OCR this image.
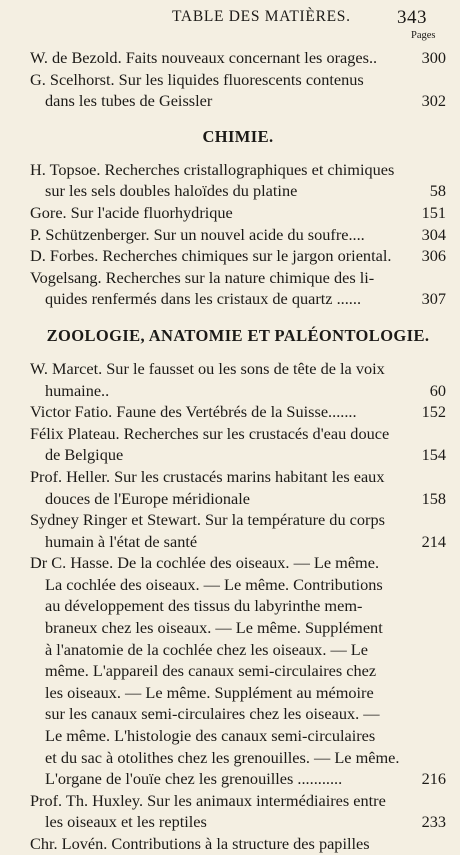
TABLE DES MATIÈRES. 343
Pages
W. de Bezold. Faits nouveaux concernant les orages..	300
G. Scelhorst. Sur les liquides fluorescents contenus
dans les tubes de Geissler	302
CHIMIE.
H. Topsoe. Recherches cristallographiques et chimiques
sur les sels doubles haloïdes du platine	58
Gore. Sur l'acide fluorhydrique	151
P. Schützenberger. Sur un nouvel acide du soufre....	304
D. Forbes. Recherches chimiques sur le jargon oriental. 306
Vogelsang. Recherches sur la nature chimique des li-
quides renfermés dans les cristaux de quartz ......	307
ZOOLOGIE, ANATOMIE ET PALÉONTOLOGIE.
W. Marcet. Sur le fausset ou les sons de tête de la voix
humaine..	60
Victor Fatio. Faune des Vertébrés de la Suisse.......	152
Félix Plateau. Recherches sur les crustacés d'eau douce
de Belgique	154
Prof. Heller. Sur les crustacés marins habitant les eaux
douces de l'Europe méridionale	158
Sydney Ringer et Stewart. Sur la température du corps
humain à l'état de santé	214
Dr C. Hasse. De la cochlée des oiseaux. — Le même.
La cochlée des oiseaux. — Le même. Contributions
au développement des tissus du labyrinthe mem-
braneux chez les oiseaux. — Le même. Supplément
à l'anatomie de la cochlée chez les oiseaux. — Le
même. L'appareil des canaux semi-circulaires chez
les oiseaux. — Le même. Supplément au mémoire
sur les canaux semi-circulaires chez les oiseaux. —
Le même. L'histologie des canaux semi-circulaires
et du sac à otolithes chez les grenouilles. — Le même.
L'organe de l'ouïe chez les grenouilles ...........	216
Prof. Th. Huxley. Sur les animaux intermédiaires entre
les oiseaux et les reptiles	233
Chr. Lovén. Contributions à la structure des papilles
